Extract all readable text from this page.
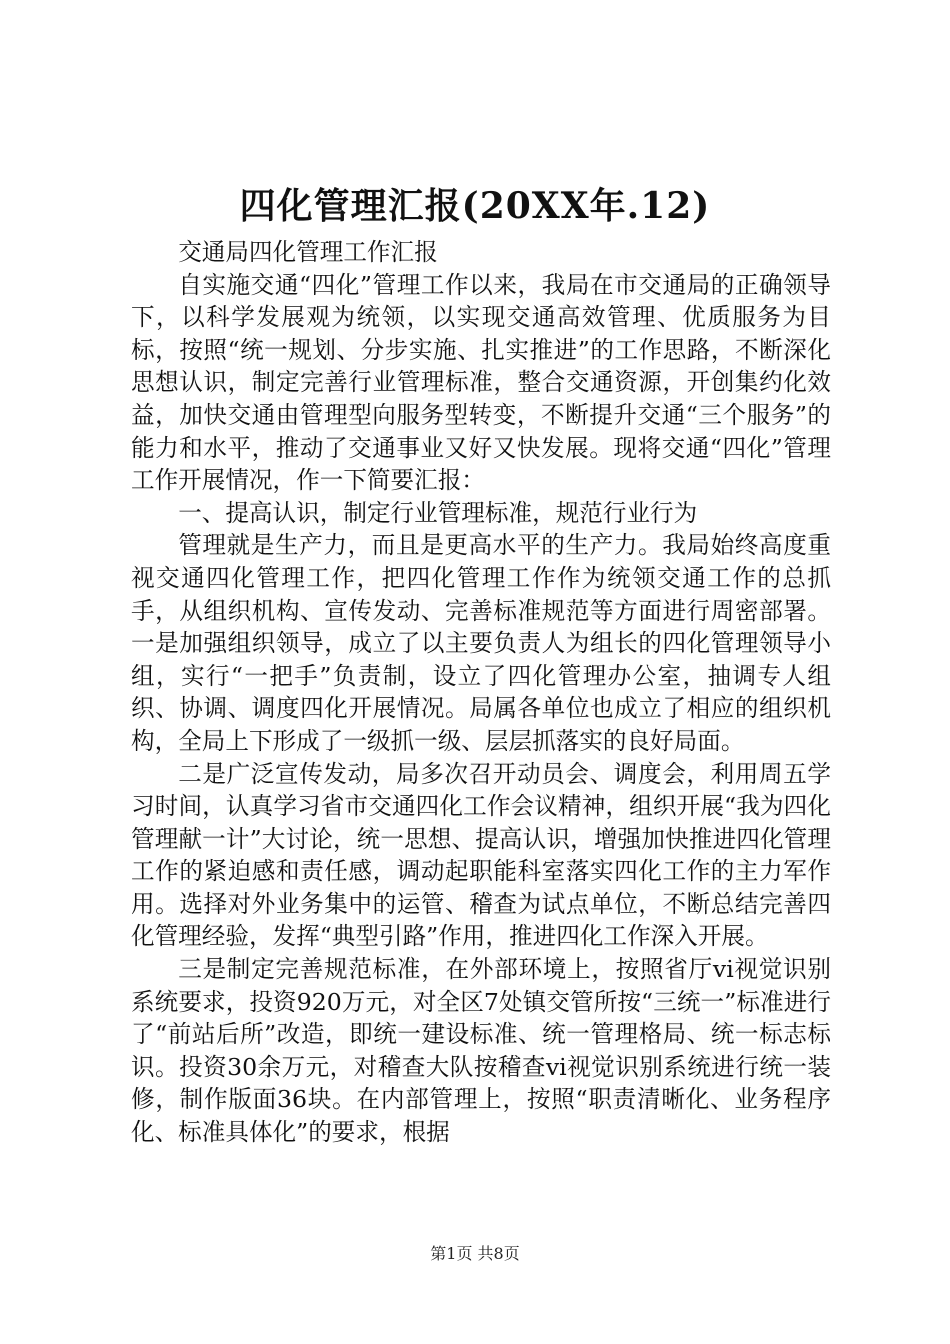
四化管理汇报(20XX年.12)

交通局四化管理工作汇报

自实施交通“四化”管理工作以来，我局在市交通局的正确领导下，以科学发展观为统领，以实现交通高效管理、优质服务为目标，按照“统一规划、分步实施、扎实推进”的工作思路，不断深化思想认识，制定完善行业管理标准，整合交通资源，开创集约化效益，加快交通由管理型向服务型转变，不断提升交通“三个服务”的能力和水平，推动了交通事业又好又快发展。现将交通“四化”管理工作开展情况，作一下简要汇报：

一、提高认识，制定行业管理标准，规范行业行为

管理就是生产力，而且是更高水平的生产力。我局始终高度重视交通四化管理工作，把四化管理工作作为统领交通工作的总抓手，从组织机构、宣传发动、完善标准规范等方面进行周密部署。一是加强组织领导，成立了以主要负责人为组长的四化管理领导小组，实行“一把手”负责制，设立了四化管理办公室，抽调专人组织、协调、调度四化开展情况。局属各单位也成立了相应的组织机构，全局上下形成了一级抓一级、层层抓落实的良好局面。

二是广泛宣传发动，局多次召开动员会、调度会，利用周五学习时间，认真学习省市交通四化工作会议精神，组织开展“我为四化管理献一计”大讨论，统一思想、提高认识，增强加快推进四化管理工作的紧迫感和责任感，调动起职能科室落实四化工作的主力军作用。选择对外业务集中的运管、稽查为试点单位，不断总结完善四化管理经验，发挥“典型引路”作用，推进四化工作深入开展。

三是制定完善规范标准，在外部环境上，按照省厅vi视觉识别系统要求，投资920万元，对全区7处镇交管所按“三统一”标准进行了“前站后所”改造，即统一建设标准、统一管理格局、统一标志标识。投资30余万元，对稽查大队按稽查vi视觉识别系统进行统一装修，制作版面36块。在内部管理上，按照“职责清晰化、业务程序化、标准具体化”的要求，根据

第1页 共8页
